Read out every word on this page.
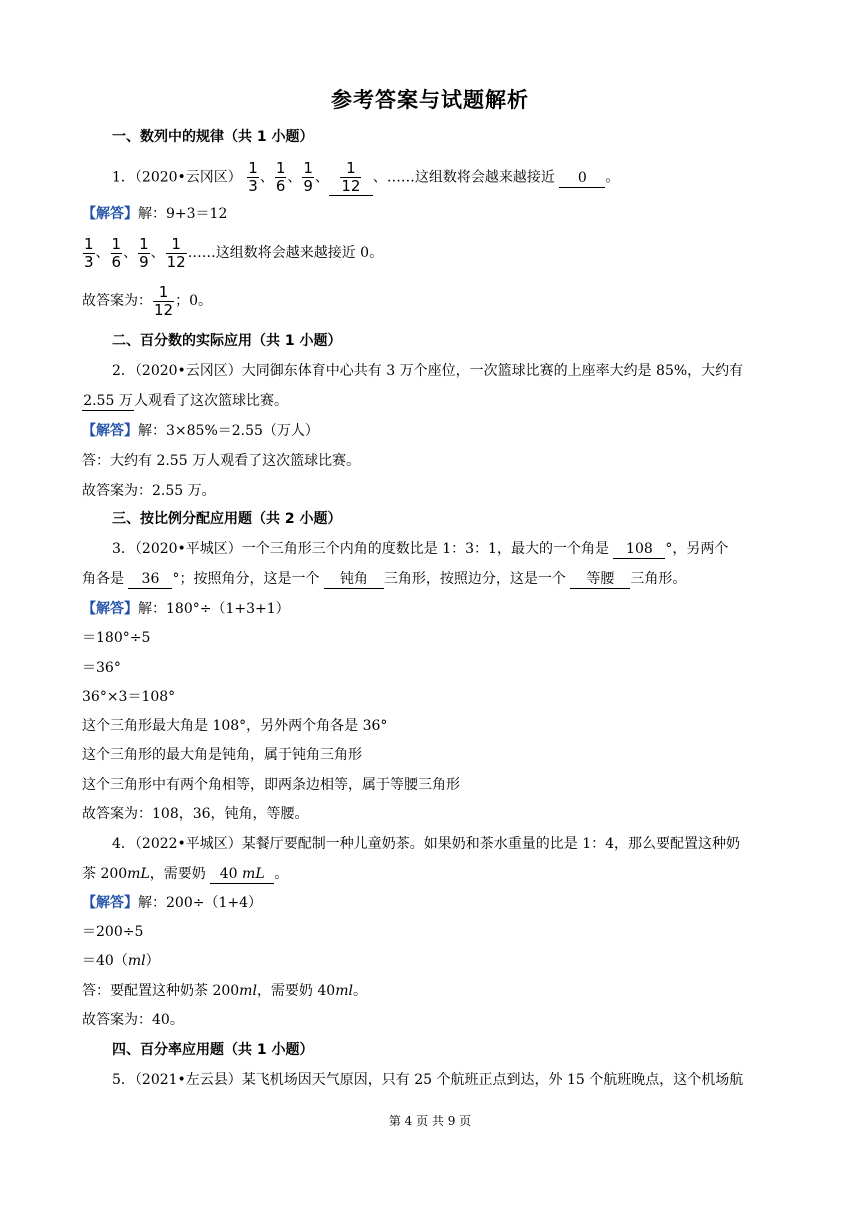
参考答案与试题解析
一、数列中的规律（共 1 小题）
1．（2020•云冈区） $\frac{1}{3}$ 、 $\frac{1}{6}$ 、 $\frac{1}{9}$ 、 $\frac{1}{12}$ 、……这组数将会越来越接近 0 。
【解答】解：9+3＝12
$\frac{1}{3}$ 、 $\frac{1}{6}$ 、 $\frac{1}{9}$ 、 $\frac{1}{12}$ ……这组数将会越来越接近 0。
故答案为： $\frac{1}{12}$ ；0。
二、百分数的实际应用（共 1 小题）
2．（2020•云冈区）大同御东体育中心共有 3 万个座位，一次篮球比赛的上座率大约是 85%，大约有
2.55 万人观看了这次篮球比赛。
【解答】解：3×85%＝2.55（万人）
答：大约有 2.55 万人观看了这次篮球比赛。
故答案为：2.55 万。
三、按比例分配应用题（共 2 小题）
3．（2020•平城区）一个三角形三个内角的度数比是 1：3：1，最大的一个角是 108 °，另两个
角各是 36 °；按照角分，这是一个 钝角 三角形，按照边分，这是一个 等腰 三角形。
【解答】解：180°÷（1+3+1）
＝180°÷5
＝36°
36°×3＝108°
这个三角形最大角是 108°，另外两个角各是 36°
这个三角形的最大角是钝角，属于钝角三角形
这个三角形中有两个角相等，即两条边相等，属于等腰三角形
故答案为：108，36，钝角，等腰。
4．（2022•平城区）某餐厅要配制一种儿童奶茶。如果奶和茶水重量的比是 1：4，那么要配置这种奶
茶 200mL，需要奶 40 mL 。
【解答】解：200÷（1+4）
＝200÷5
＝40（ml）
答：要配置这种奶茶 200ml，需要奶 40ml。
故答案为：40。
四、百分率应用题（共 1 小题）
5．（2021•左云县）某飞机场因天气原因，只有 25 个航班正点到达，外 15 个航班晚点，这个机场航
第 4 页 共 9 页
